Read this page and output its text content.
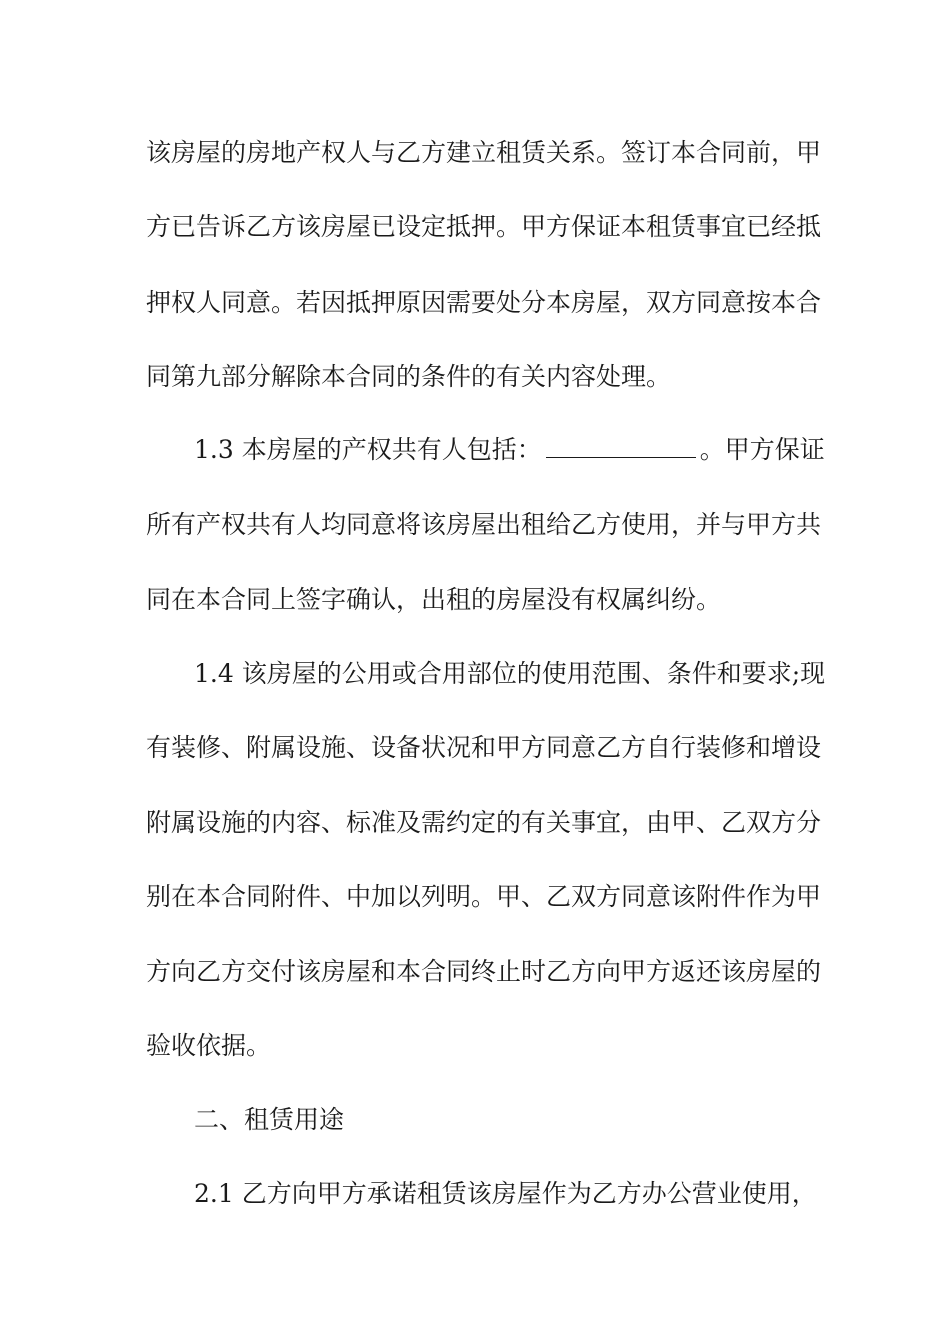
该房屋的房地产权人与乙方建立租赁关系。签订本合同前，甲
方已告诉乙方该房屋已设定抵押。甲方保证本租赁事宜已经抵
押权人同意。若因抵押原因需要处分本房屋，双方同意按本合
同第九部分解除本合同的条件的有关内容处理。
1.3 本房屋的产权共有人包括：	。甲方保证
所有产权共有人均同意将该房屋出租给乙方使用，并与甲方共
同在本合同上签字确认，出租的房屋没有权属纠纷。
1.4 该房屋的公用或合用部位的使用范围、条件和要求;现
有装修、附属设施、设备状况和甲方同意乙方自行装修和增设
附属设施的内容、标准及需约定的有关事宜，由甲、乙双方分
别在本合同附件、中加以列明。甲、乙双方同意该附件作为甲
方向乙方交付该房屋和本合同终止时乙方向甲方返还该房屋的
验收依据。
二、租赁用途
2.1 乙方向甲方承诺租赁该房屋作为乙方办公营业使用，
